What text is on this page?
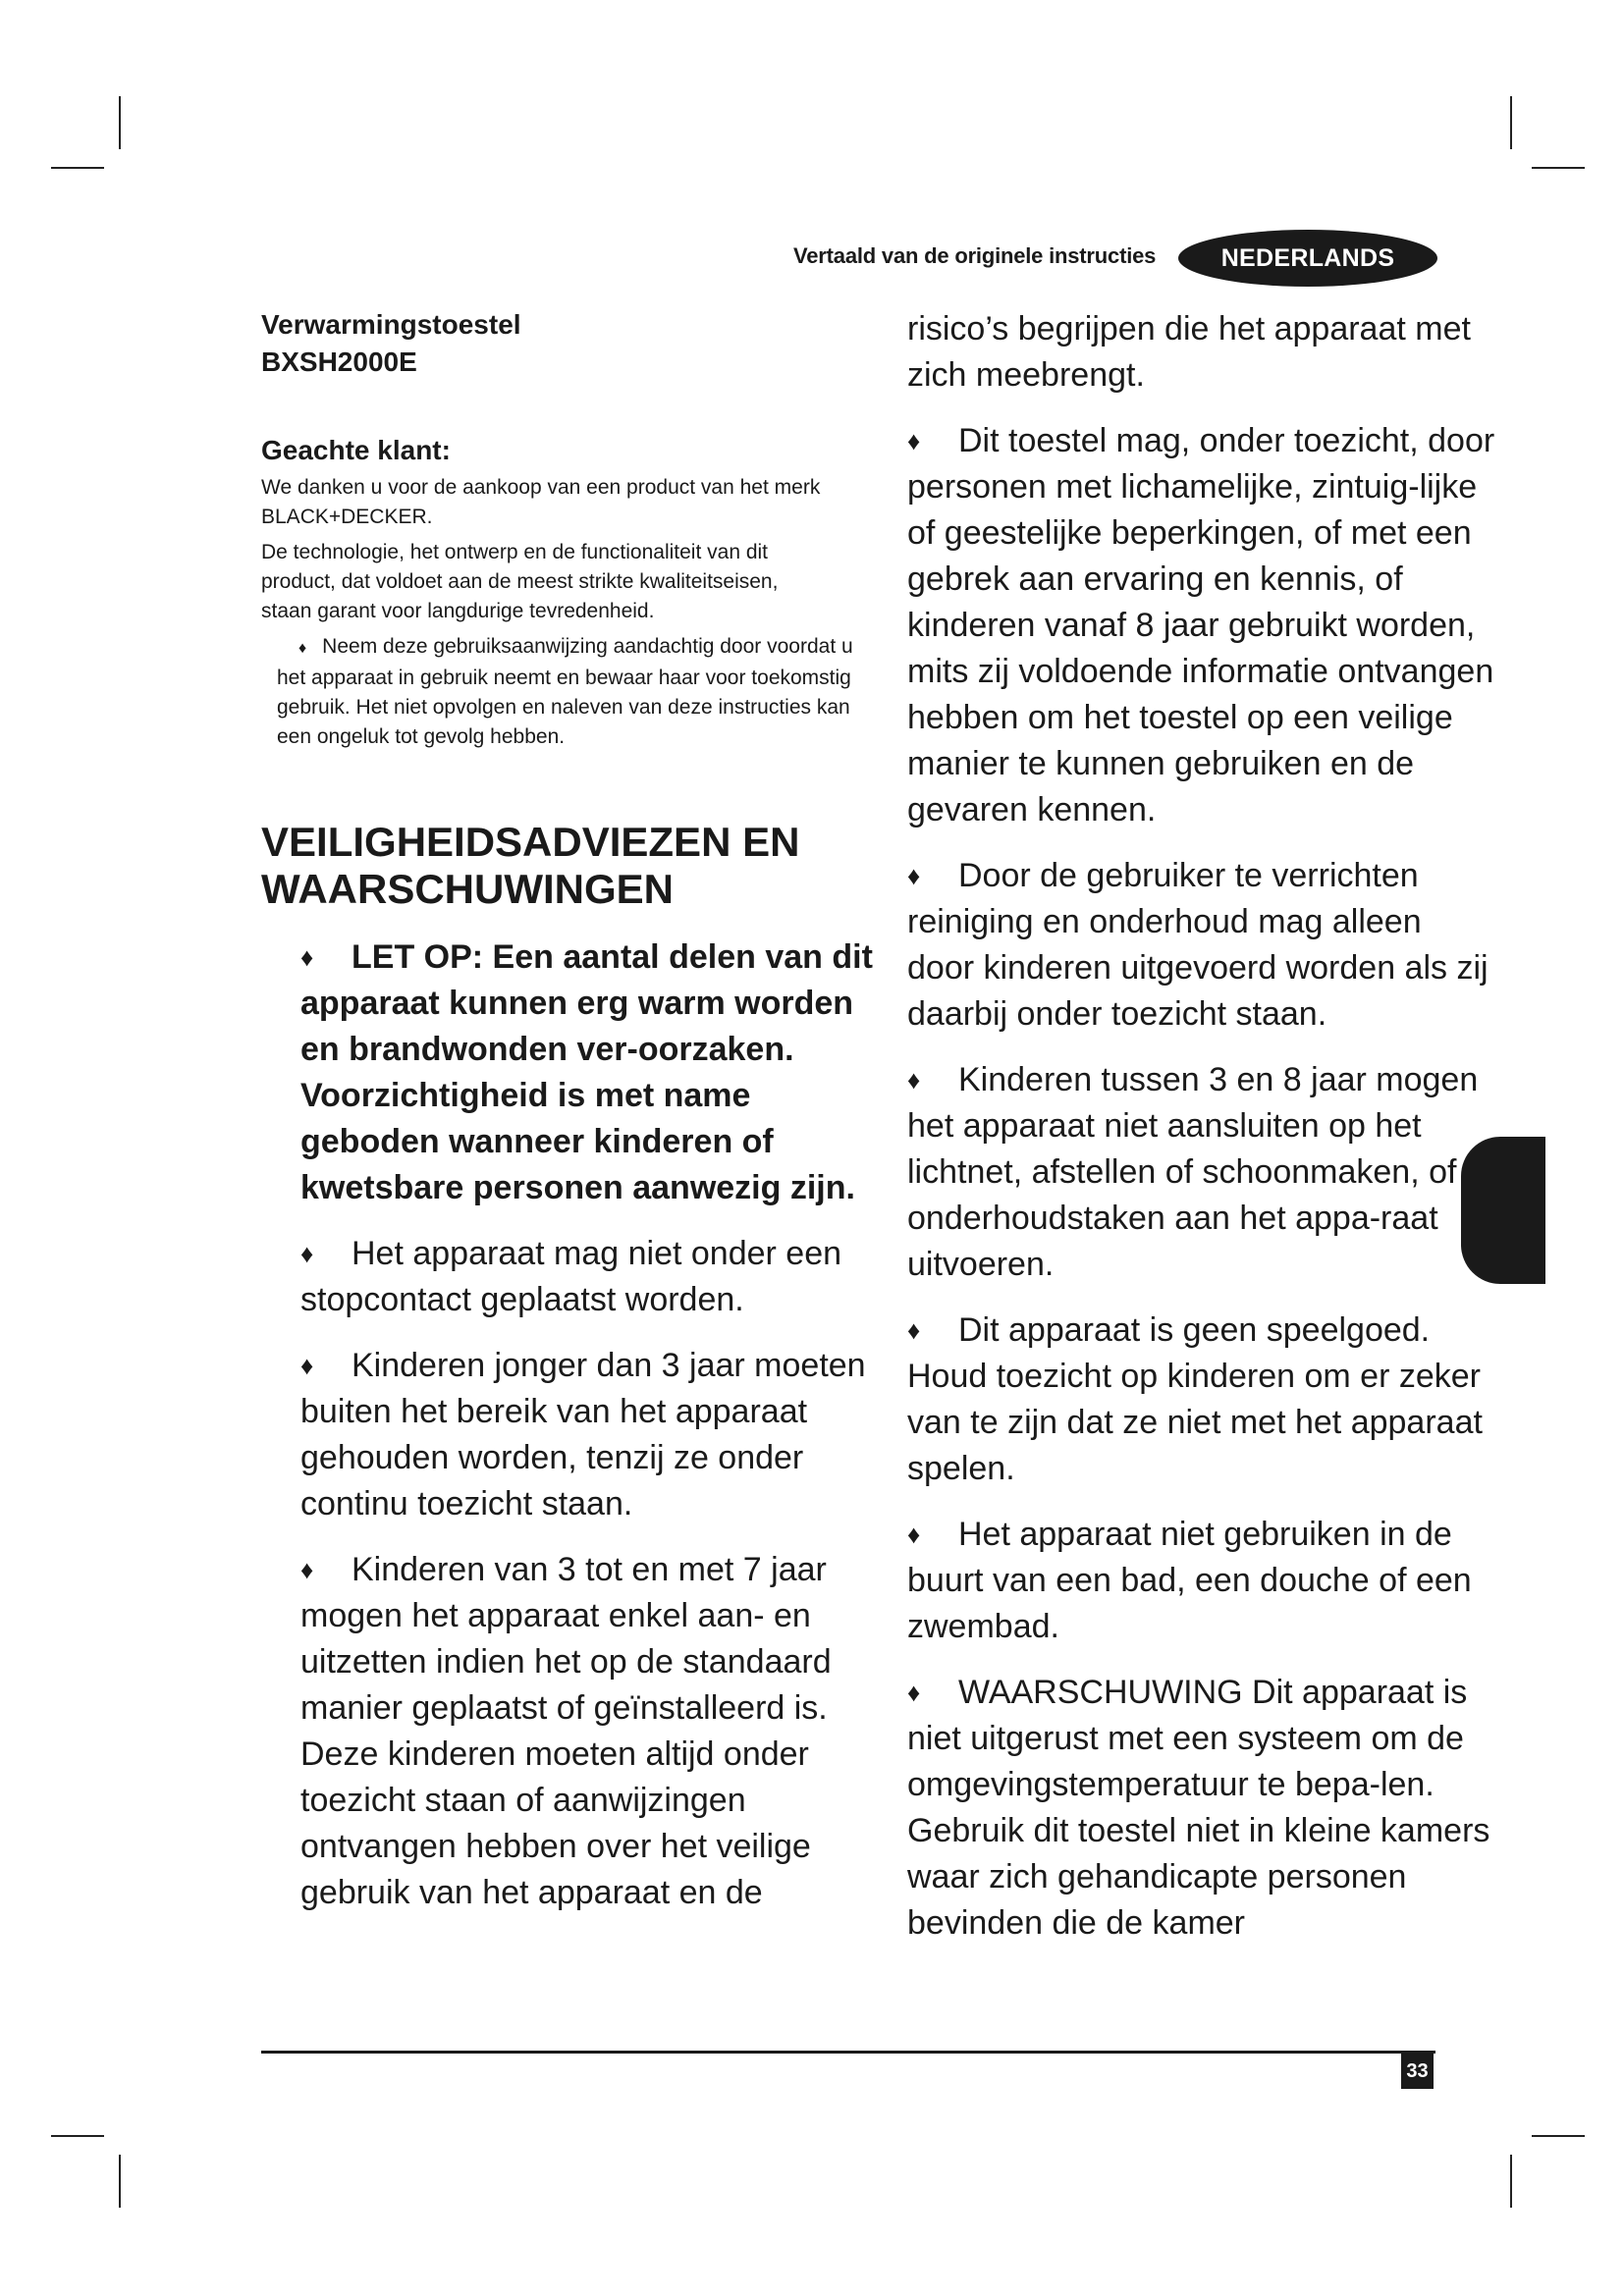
Vertaald van de originele instructies	NEDERLANDS

Verwarmingstoestel

BXSH2000E

Geachte klant:

We danken u voor de aankoop van een product van het merk BLACK+DECKER.

De technologie, het ontwerp en de functionaliteit van dit product, dat voldoet aan de meest strikte kwaliteitseisen, staan garant voor langdurige tevredenheid.

♦ Neem deze gebruiksaanwijzing aandachtig door voordat u het apparaat in gebruik neemt en bewaar haar voor toekomstig gebruik. Het niet opvolgen en naleven van deze instructies kan een ongeluk tot gevolg hebben.

VEILIGHEIDSADVIEZEN EN WAARSCHUWINGEN
♦	LET OP: Een aantal delen van dit apparaat kunnen erg warm worden en brandwonden ver-oorzaken. Voorzichtigheid is met name geboden wanneer kinderen of kwetsbare personen aanwezig zijn.
♦	Het apparaat mag niet onder een stopcontact geplaatst worden.
♦	Kinderen jonger dan 3 jaar moeten buiten het bereik van het apparaat gehouden worden, tenzij ze onder continu toezicht staan.
♦	Kinderen van 3 tot en met 7 jaar mogen het apparaat enkel aan- en uitzetten indien het op de standaard manier geplaatst of geïnstalleerd is. Deze kinderen moeten altijd onder toezicht staan of aanwijzingen ontvangen hebben over het veilige gebruik van het apparaat en de

risico’s begrijpen die het apparaat met zich meebrengt.

♦	Dit toestel mag, onder toezicht, door personen met lichamelijke, zintuig-lijke of geestelijke beperkingen, of met een gebrek aan ervaring en kennis, of kinderen vanaf 8 jaar gebruikt worden, mits zij voldoende informatie ontvangen hebben om het toestel op een veilige manier te kunnen gebruiken en de gevaren kennen.
♦	Door de gebruiker te verrichten reiniging en onderhoud mag alleen door kinderen uitgevoerd worden als zij daarbij onder toezicht staan.
♦	Kinderen tussen 3 en 8 jaar mogen het apparaat niet aansluiten op het lichtnet, afstellen of schoonmaken, of onderhoudstaken aan het appa-raat uitvoeren.
♦	Dit apparaat is geen speelgoed. Houd toezicht op kinderen om er zeker van te zijn dat ze niet met het apparaat spelen.
♦	Het apparaat niet gebruiken in de buurt van een bad, een douche of een zwembad.
♦	WAARSCHUWING Dit apparaat is niet uitgerust met een systeem om de omgevingstemperatuur te bepa-len. Gebruik dit toestel niet in kleine kamers waar zich gehandicapte personen bevinden die de kamer
33
